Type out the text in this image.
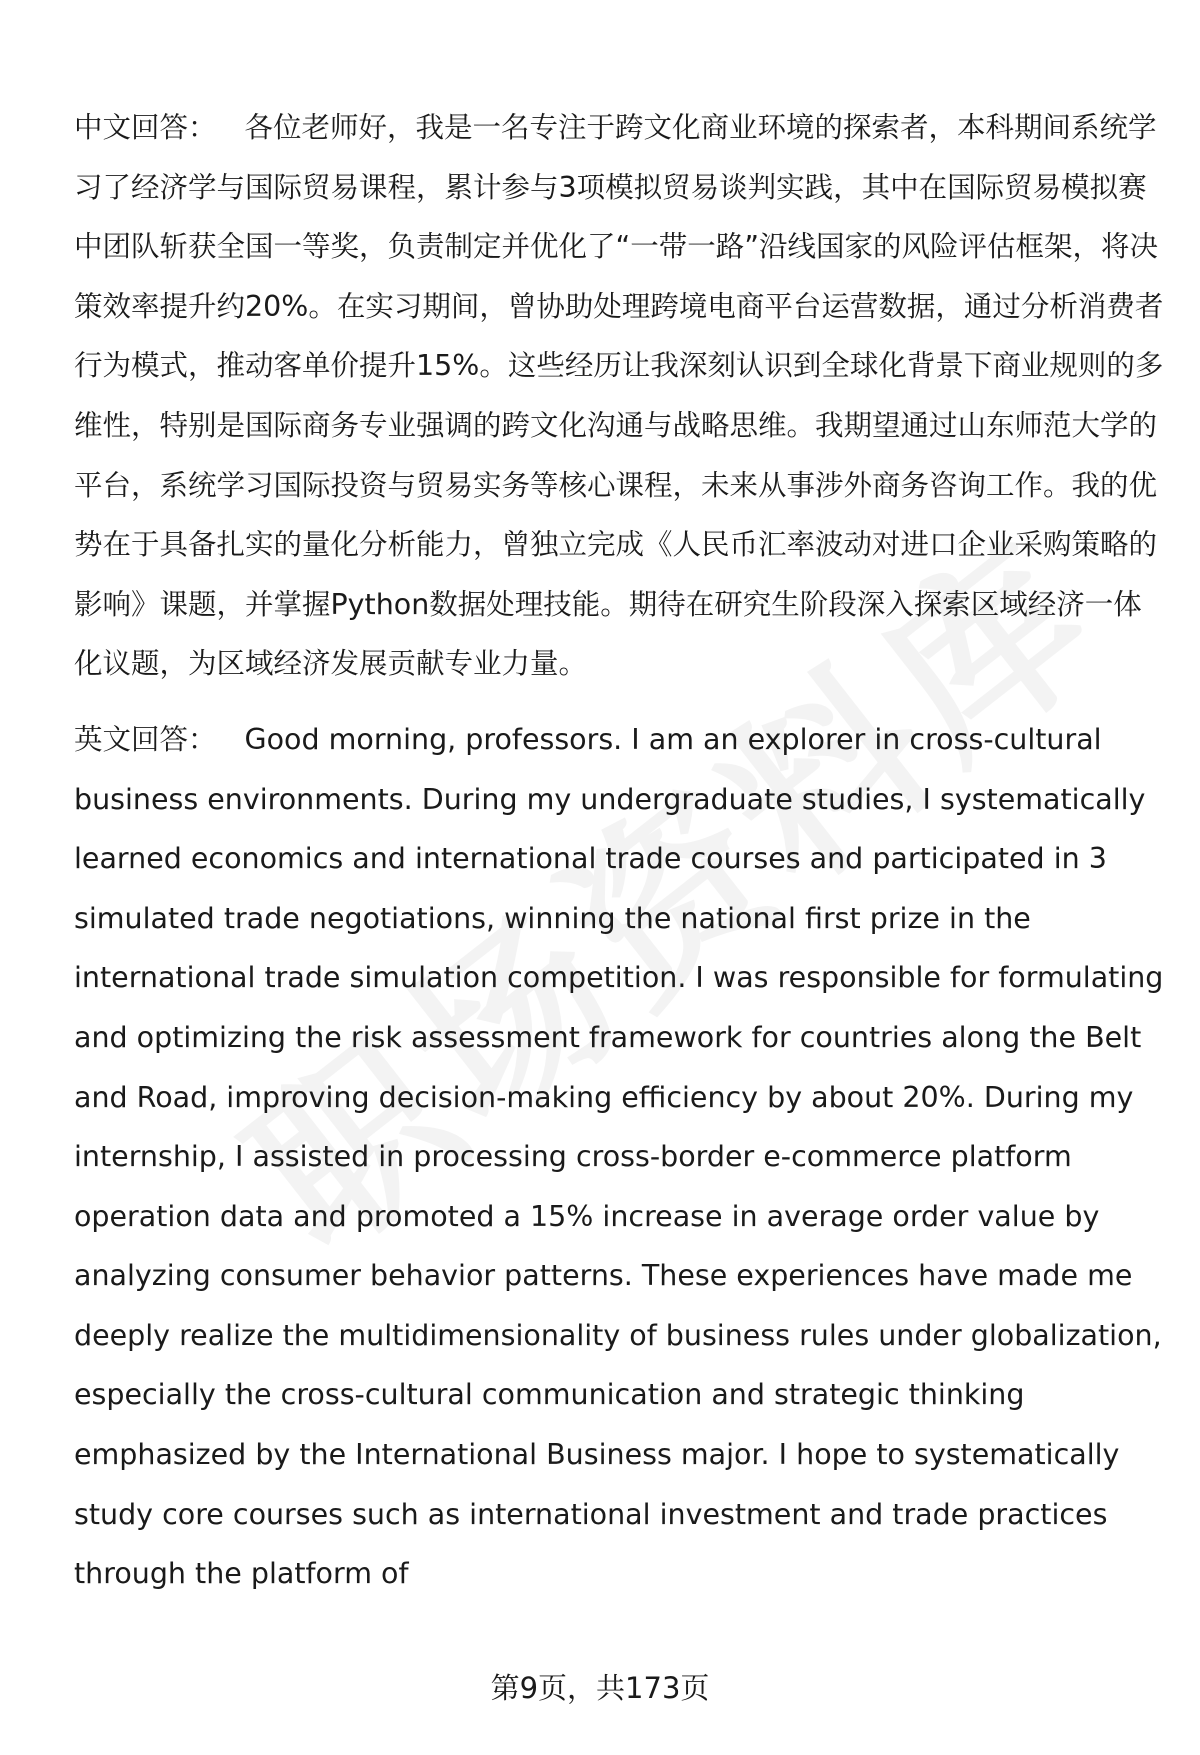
中文回答： 各位老师好，我是一名专注于跨文化商业环境的探索者，本科期间系统学习了经济学与国际贸易课程，累计参与3项模拟贸易谈判实践，其中在国际贸易模拟赛中团队斩获全国一等奖，负责制定并优化了“一带一路”沿线国家的风险评估框架，将决策效率提升约20%。在实习期间，曾协助处理跨境电商平台运营数据，通过分析消费者行为模式，推动客单价提升15%。这些经历让我深刻认识到全球化背景下商业规则的多维性，特别是国际商务专业强调的跨文化沟通与战略思维。我期望通过山东师范大学的平台，系统学习国际投资与贸易实务等核心课程，未来从事涉外商务咨询工作。我的优势在于具备扎实的量化分析能力，曾独立完成《人民币汇率波动对进口企业采购策略的影响》课题，并掌握Python数据处理技能。期待在研究生阶段深入探索区域经济一体化议题，为区域经济发展贡献专业力量。

英文回答： Good morning, professors. I am an explorer in cross-cultural business environments. During my undergraduate studies, I systematically learned economics and international trade courses and participated in 3 simulated trade negotiations, winning the national first prize in the international trade simulation competition. I was responsible for formulating and optimizing the risk assessment framework for countries along the Belt and Road, improving decision-making efficiency by about 20%. During my internship, I assisted in processing cross-border e-commerce platform operation data and promoted a 15% increase in average order value by analyzing consumer behavior patterns. These experiences have made me deeply realize the multidimensionality of business rules under globalization, especially the cross-cultural communication and strategic thinking emphasized by the International Business major. I hope to systematically study core courses such as international investment and trade practices through the platform of

第9页，共173页
